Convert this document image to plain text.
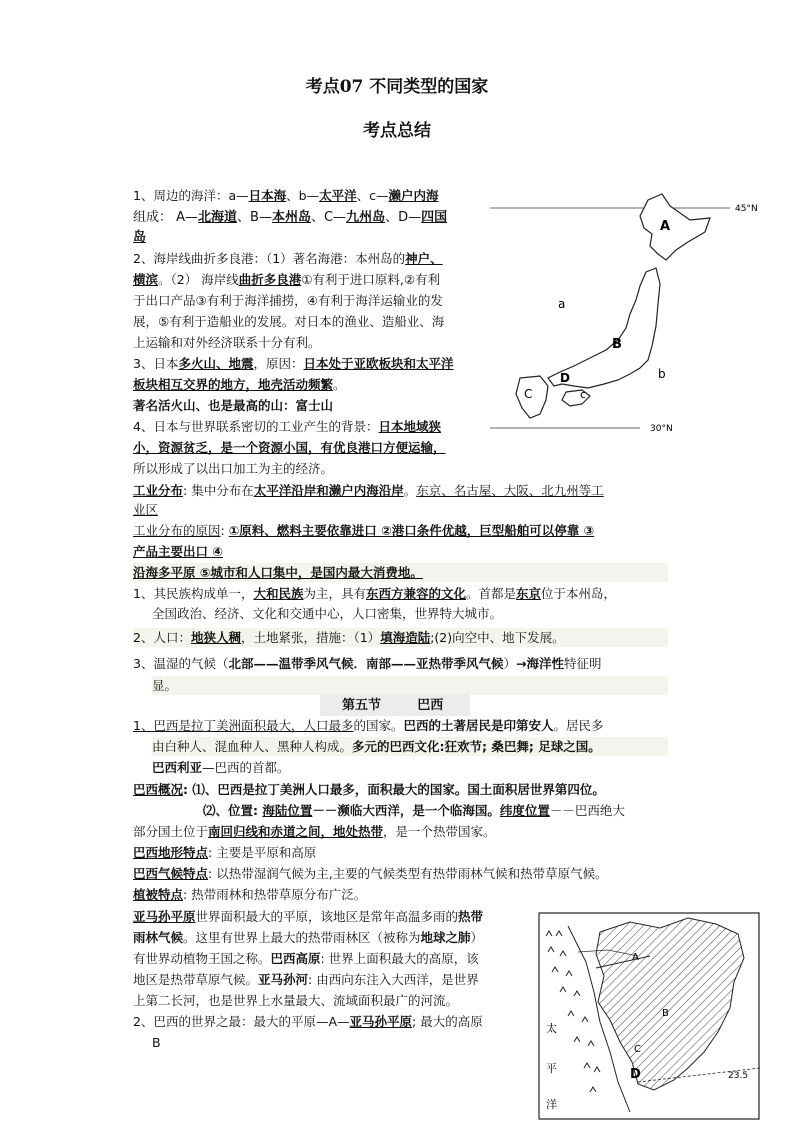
考点07 不同类型的国家
考点总结
1、周边的海洋：a—日本海、b—太平洋、c—濑户内海
组成： A—北海道、B—本州岛、C—九州岛、D—四国
岛
2、海岸线曲折多良港：（1）著名海港：本州岛的神户、
横滨。（2） 海岸线曲折多良港①有利于进口原料,②有利
于出口产品③有利于海洋捕捞，④有利于海洋运输业的发
展，⑤有利于造船业的发展。对日本的渔业、造船业、海
上运输和对外经济联系十分有利。
3、日本多火山、地震，原因：日本处于亚欧板块和太平洋
板块相互交界的地方，地壳活动频繁。
著名活火山、也是最高的山：富士山
4、日本与世界联系密切的工业产生的背景：日本地域狭
小，资源贫乏，是一个资源小国，有优良港口方便运输，
所以形成了以出口加工为主的经济。
工业分布: 集中分布在太平洋沿岸和濑户内海沿岸。东京、名古屋、大阪、北九州等工
业区
工业分布的原因: ①原料、燃料主要依靠进口 ②港口条件优越，巨型船舶可以停靠 ③
产品主要出口 ④
沿海多平原 ⑤城市和人口集中，是国内最大消费地。
1、其民族构成单一，大和民族为主，具有东西方兼容的文化。首都是东京位于本州岛，
全国政治、经济、文化和交通中心，人口密集，世界特大城市。
2、人口：地狭人稠，土地紧张，措施：（1）填海造陆;(2)向空中、地下发展。
3、温湿的气候（北部——温带季风气候．南部——亚热带季风气候）→海洋性特征明
显。
45°N
30°N
A
a
B
b
C	c
D
第五节        巴西
1、巴西是拉丁美洲面积最大，人口最多的国家。巴西的土著居民是印第安人。居民多
由白种人、混血种人、黑种人构成。多元的巴西文化:狂欢节; 桑巴舞; 足球之国。
巴西利亚—巴西的首都。
巴西概况: ⑴、巴西是拉丁美洲人口最多，面积最大的国家。国土面积居世界第四位。
⑵、位置: 海陆位置－－濒临大西洋，是一个临海国。纬度位置－－巴西绝大
部分国土位于南回归线和赤道之间，地处热带，是一个热带国家。
巴西地形特点: 主要是平原和高原
巴西气候特点: 以热带湿润气候为主,主要的气候类型有热带雨林气候和热带草原气候。
植被特点: 热带雨林和热带草原分布广泛。
亚马孙平原世界面积最大的平原，该地区是常年高温多雨的热带
雨林气候。这里有世界上最大的热带雨林区（被称为地球之肺）
有世界动植物王国之称。巴西高原: 世界上面积最大的高原，该
地区是热带草原气候。亚马孙河: 由西向东注入大西洋，是世界
上第二长河，也是世界上水量最大、流域面积最广的河流。
2、巴西的世界之最：最大的平原—A—亚马孙平原; 最大的高原
B
A
B
C
D	23.5
太
平
洋
